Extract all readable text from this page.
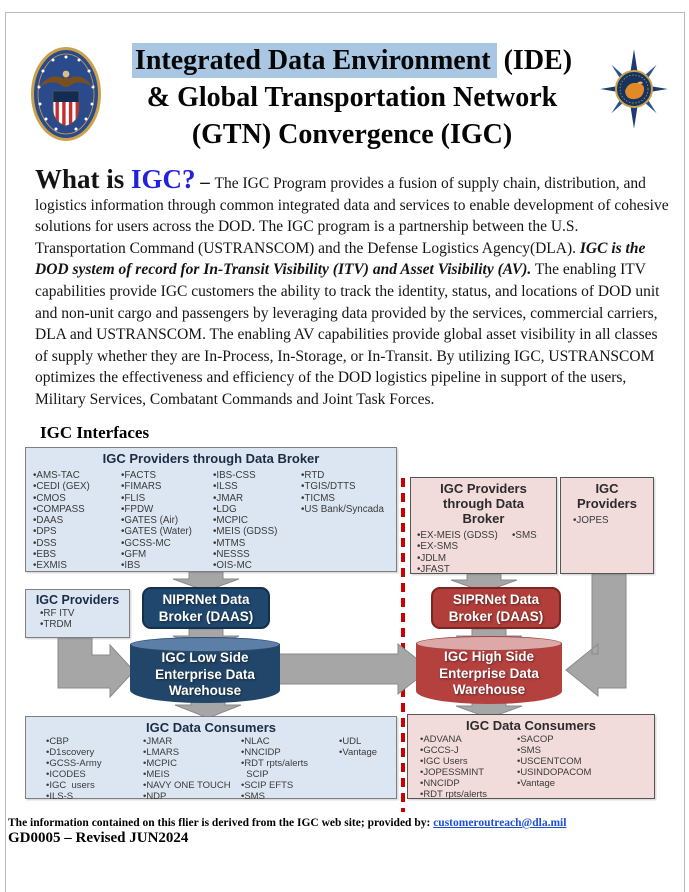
Integrated Data Environment (IDE)
& Global Transportation Network
(GTN) Convergence (IGC)
What is IGC? – The IGC Program provides a fusion of supply chain, distribution, and logistics information through common integrated data and services to enable development of cohesive solutions for users across the DOD. The IGC program is a partnership between the U.S. Transportation Command (USTRANSCOM) and the Defense Logistics Agency(DLA). IGC is the DOD system of record for In-Transit Visibility (ITV) and Asset Visibility (AV). The enabling ITV capabilities provide IGC customers the ability to track the identity, status, and locations of DOD unit and non-unit cargo and passengers by leveraging data provided by the services, commercial carriers, DLA and USTRANSCOM. The enabling AV capabilities provide global asset visibility in all classes of supply whether they are In-Process, In-Storage, or In-Transit. By utilizing IGC, USTRANSCOM optimizes the effectiveness and efficiency of the DOD logistics pipeline in support of the users, Military Services, Combatant Commands and Joint Task Forces.
IGC Interfaces
IGC Providers through Data Broker
•AMS-TAC
•CEDI (GEX)
•CMOS
•COMPASS
•DAAS
•DPS
•DSS
•EBS
•EXMIS
•FACTS
•FIMARS
•FLIS
•FPDW
•GATES (Air)
•GATES (Water)
•GCSS-MC
•GFM
•IBS
•IBS-CSS
•ILSS
•JMAR
•LDG
•MCPIC
•MEIS (GDSS)
•MTMS
•NESSS
•OIS-MC
•RTD
•TGIS/DTTS
•TICMS
•US Bank/Syncada
IGC Providers through Data Broker
•EX-MEIS (GDSS)
•EX-SMS
•JDLM
•JFAST
•SMS
IGC Providers
•JOPES
IGC Providers
•RF ITV
•TRDM
NIPRNet Data Broker (DAAS)
SIPRNet Data Broker (DAAS)
IGC Low Side Enterprise Data Warehouse
IGC High Side Enterprise Data Warehouse
IGC Data Consumers
•CBP
•D1scovery
•GCSS-Army
•ICODES
•IGC  users
•ILS-S
•JMAR
•LMARS
•MCPIC
•MEIS
•NAVY ONE TOUCH
•NDP
•NLAC
•NNCIDP
•RDT rpts/alerts
SCIP
•SCIP EFTS
•SMS
•UDL
•Vantage
IGC Data Consumers
•ADVANA
•GCCS-J
•IGC Users
•JOPESSMINT
•NNCIDP
•RDT rpts/alerts
•SACOP
•SMS
•USCENTCOM
•USINDOPACOM
•Vantage
The information contained on this flier is derived from the IGC web site; provided by: customeroutreach@dla.mil
GD0005 – Revised JUN2024
